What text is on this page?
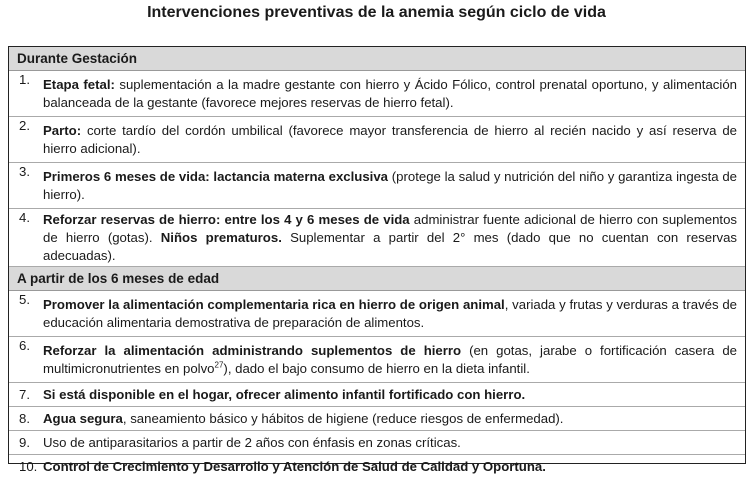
Intervenciones preventivas de la anemia según ciclo de vida
Durante Gestación
1. Etapa fetal: suplementación a la madre gestante con hierro y Ácido Fólico, control prenatal oportuno, y alimentación balanceada de la gestante (favorece mejores reservas de hierro fetal).
2. Parto: corte tardío del cordón umbilical (favorece mayor transferencia de hierro al recién nacido y así reserva de hierro adicional).
3. Primeros 6 meses de vida: lactancia materna exclusiva (protege la salud y nutrición del niño y garantiza ingesta de hierro).
4. Reforzar reservas de hierro: entre los 4 y 6 meses de vida administrar fuente adicional de hierro con suplementos de hierro (gotas). Niños prematuros. Suplementar a partir del 2° mes (dado que no cuentan con reservas adecuadas).
A partir de los 6 meses de edad
5. Promover la alimentación complementaria rica en hierro de origen animal, variada y frutas y verduras a través de educación alimentaria demostrativa de preparación de alimentos.
6. Reforzar la alimentación administrando suplementos de hierro (en gotas, jarabe o fortificación casera de multimicronutrientes en polvo$^{27}$), dado el bajo consumo de hierro en la dieta infantil.
7. Si está disponible en el hogar, ofrecer alimento infantil fortificado con hierro.
8. Agua segura, saneamiento básico y hábitos de higiene (reduce riesgos de enfermedad).
9. Uso de antiparasitarios a partir de 2 años con énfasis en zonas críticas.
10. Control de Crecimiento y Desarrollo y Atención de Salud de Calidad y Oportuna.
